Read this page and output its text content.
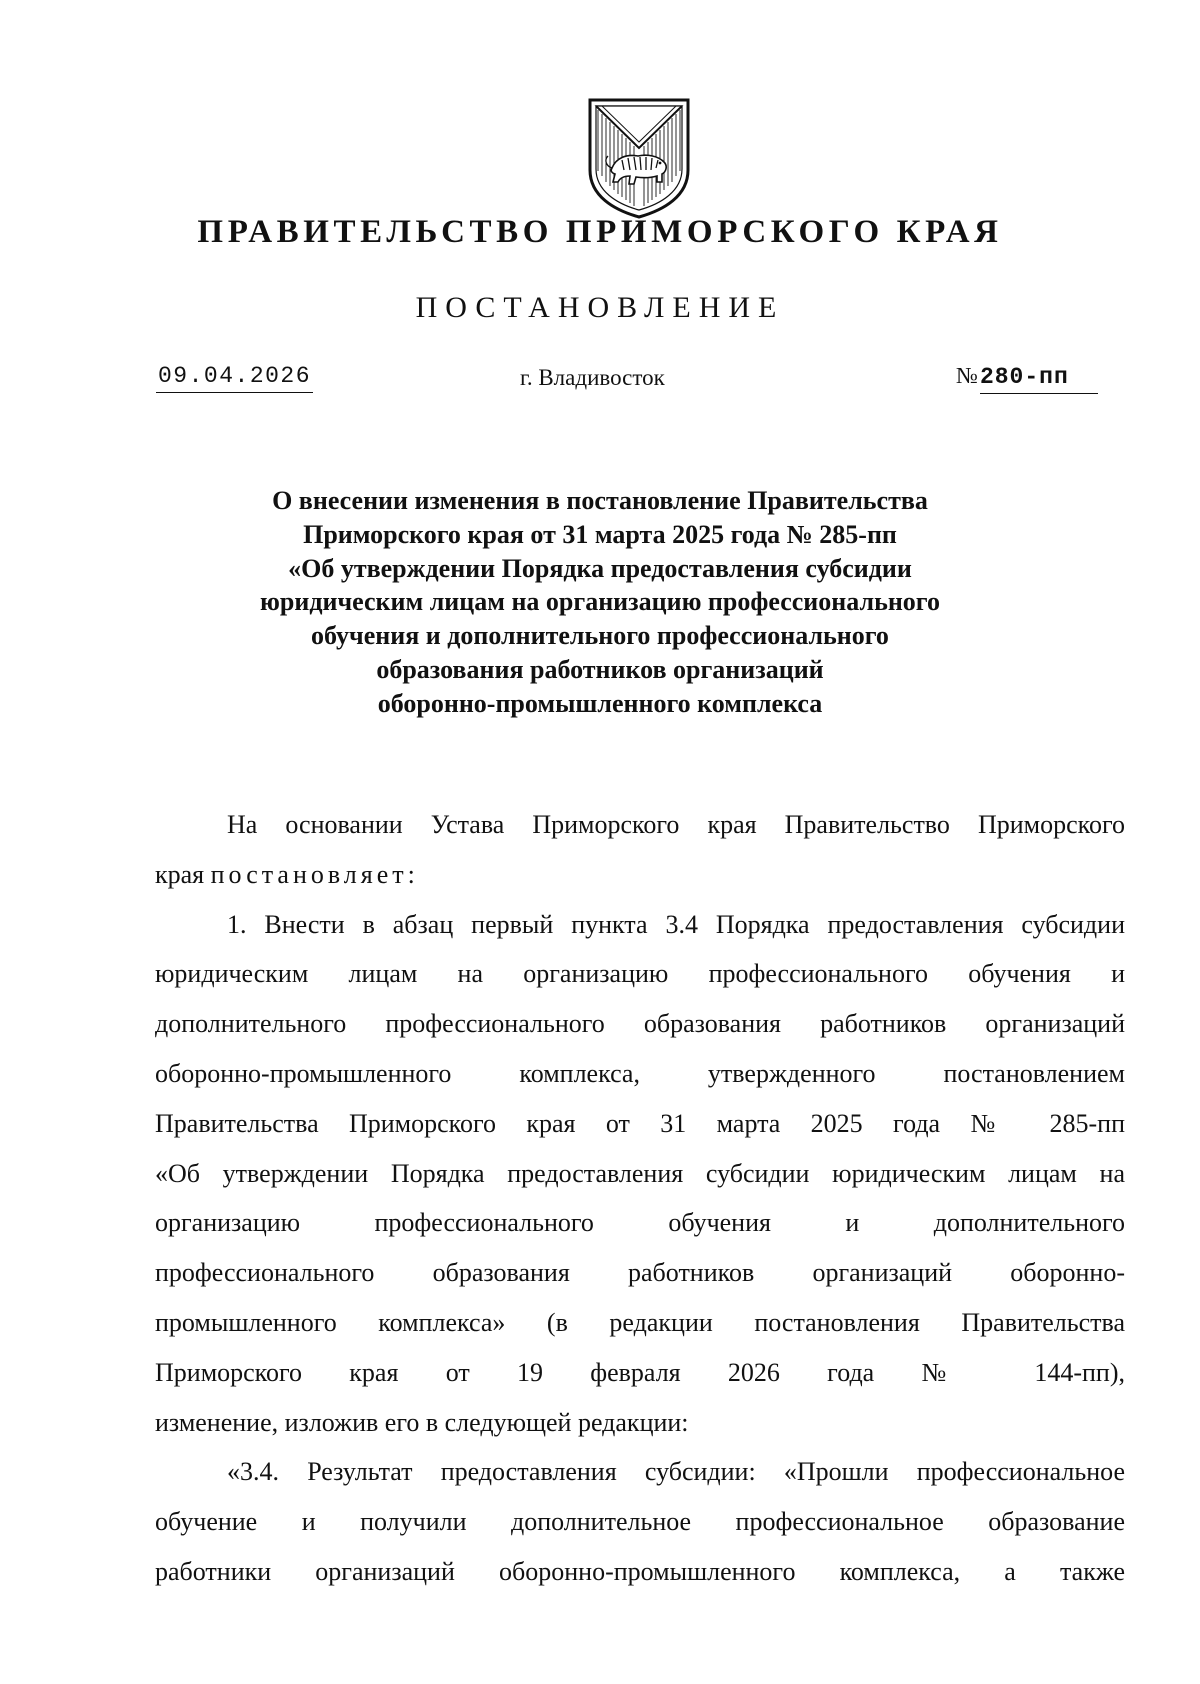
ПРАВИТЕЛЬСТВО ПРИМОРСКОГО КРАЯ
ПОСТАНОВЛЕНИЕ
09.04.2026	г. Владивосток	№280-пп
О внесении изменения в постановление Правительства
Приморского края от 31 марта 2025 года № 285-пп
«Об утверждении Порядка предоставления субсидии
юридическим лицам на организацию профессионального
обучения и дополнительного профессионального
образования работников организаций
оборонно-промышленного комплекса
На основании Устава Приморского края Правительство Приморского
края постановляет:
1. Внести в абзац первый пункта 3.4 Порядка предоставления субсидии
юридическим лицам на организацию профессионального обучения и
дополнительного профессионального образования работников организаций
оборонно-промышленного комплекса, утвержденного постановлением
Правительства Приморского края от 31 марта 2025 года № 285-пп
«Об утверждении Порядка предоставления субсидии юридическим лицам на
организацию профессионального обучения и дополнительного
профессионального образования работников организаций оборонно-
промышленного комплекса» (в редакции постановления Правительства
Приморского края от 19 февраля 2026 года № 144-пп),
изменение, изложив его в следующей редакции:
«3.4. Результат предоставления субсидии: «Прошли профессиональное
обучение и получили дополнительное профессиональное образование
работники организаций оборонно-промышленного комплекса, а также
